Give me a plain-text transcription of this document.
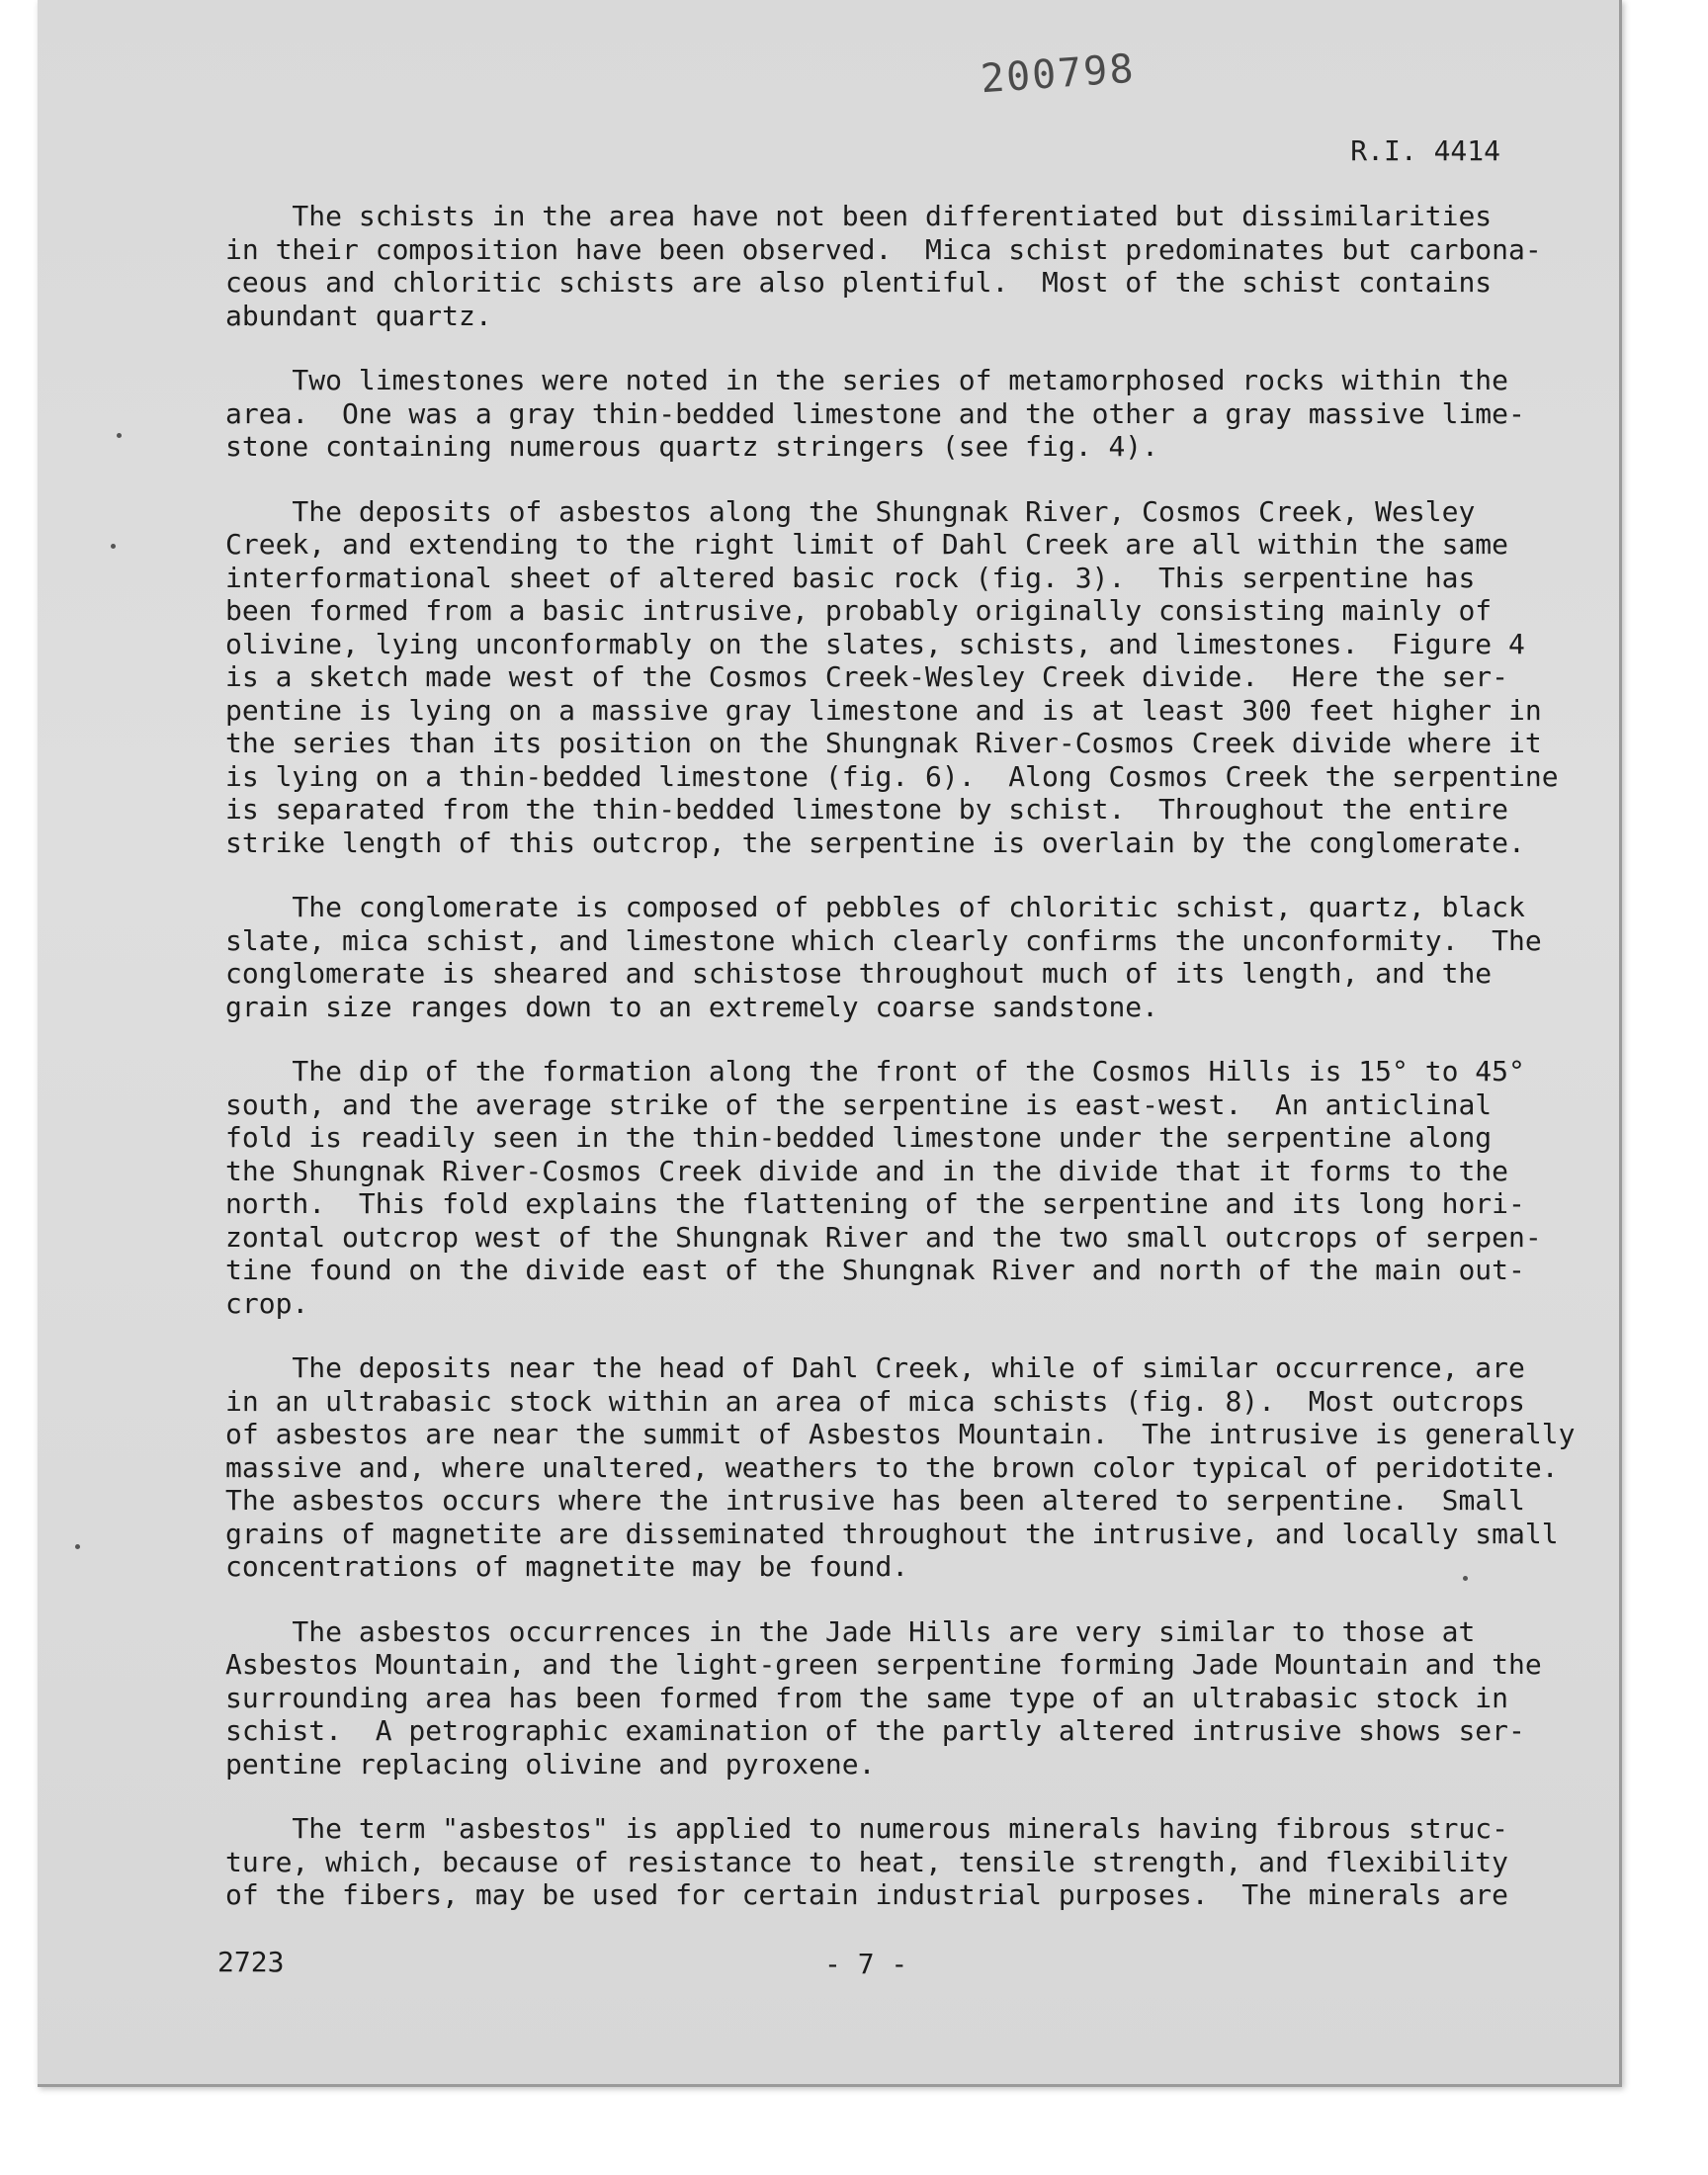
200798
R.I. 4414

The schists in the area have not been differentiated but dissimilarities
in their composition have been observed.  Mica schist predominates but carbona-
ceous and chloritic schists are also plentiful.  Most of the schist contains
abundant quartz.

Two limestones were noted in the series of metamorphosed rocks within the
area.  One was a gray thin-bedded limestone and the other a gray massive lime-
stone containing numerous quartz stringers (see fig. 4).

The deposits of asbestos along the Shungnak River, Cosmos Creek, Wesley
Creek, and extending to the right limit of Dahl Creek are all within the same
interformational sheet of altered basic rock (fig. 3).  This serpentine has
been formed from a basic intrusive, probably originally consisting mainly of
olivine, lying unconformably on the slates, schists, and limestones.  Figure 4
is a sketch made west of the Cosmos Creek-Wesley Creek divide.  Here the ser-
pentine is lying on a massive gray limestone and is at least 300 feet higher in
the series than its position on the Shungnak River-Cosmos Creek divide where it
is lying on a thin-bedded limestone (fig. 6).  Along Cosmos Creek the serpentine
is separated from the thin-bedded limestone by schist.  Throughout the entire
strike length of this outcrop, the serpentine is overlain by the conglomerate.

The conglomerate is composed of pebbles of chloritic schist, quartz, black
slate, mica schist, and limestone which clearly confirms the unconformity.  The
conglomerate is sheared and schistose throughout much of its length, and the
grain size ranges down to an extremely coarse sandstone.

The dip of the formation along the front of the Cosmos Hills is 15° to 45°
south, and the average strike of the serpentine is east-west.  An anticlinal
fold is readily seen in the thin-bedded limestone under the serpentine along
the Shungnak River-Cosmos Creek divide and in the divide that it forms to the
north.  This fold explains the flattening of the serpentine and its long hori-
zontal outcrop west of the Shungnak River and the two small outcrops of serpen-
tine found on the divide east of the Shungnak River and north of the main out-
crop.

The deposits near the head of Dahl Creek, while of similar occurrence, are
in an ultrabasic stock within an area of mica schists (fig. 8).  Most outcrops
of asbestos are near the summit of Asbestos Mountain.  The intrusive is generally
massive and, where unaltered, weathers to the brown color typical of peridotite.
The asbestos occurs where the intrusive has been altered to serpentine.  Small
grains of magnetite are disseminated throughout the intrusive, and locally small
concentrations of magnetite may be found.

The asbestos occurrences in the Jade Hills are very similar to those at
Asbestos Mountain, and the light-green serpentine forming Jade Mountain and the
surrounding area has been formed from the same type of an ultrabasic stock in
schist.  A petrographic examination of the partly altered intrusive shows ser-
pentine replacing olivine and pyroxene.

The term "asbestos" is applied to numerous minerals having fibrous struc-
ture, which, because of resistance to heat, tensile strength, and flexibility
of the fibers, may be used for certain industrial purposes.  The minerals are

2723	- 7 -
